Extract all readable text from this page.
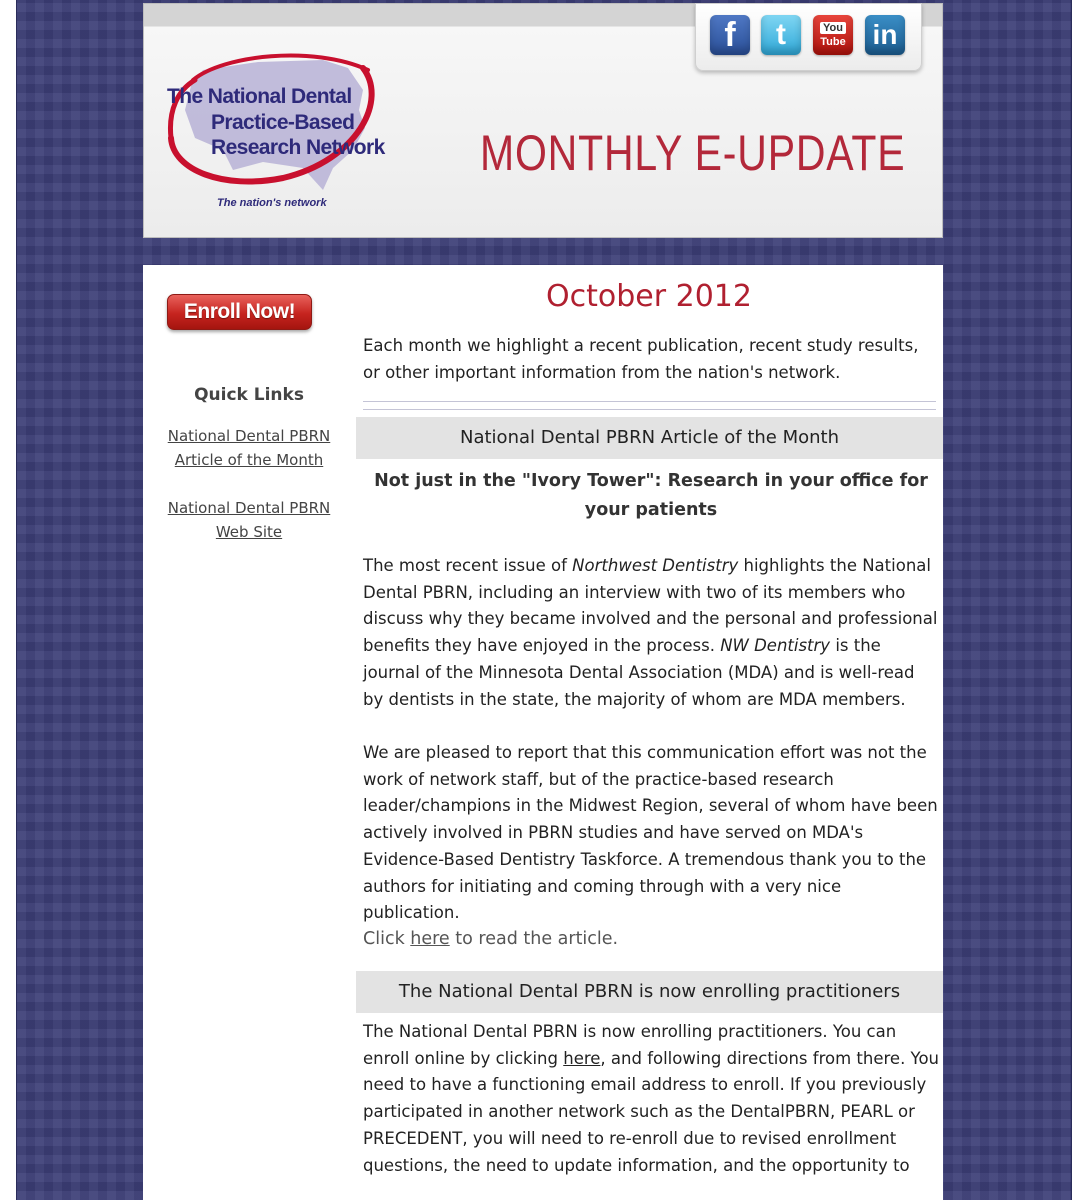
f t	You
Tube in
The National Dental
Practice-Based
Research Network
The nation's network
MONTHLY E-UPDATE
Enroll Now!
Quick Links
National Dental PBRN
Article of the Month
National Dental PBRN
Web Site
October 2012
Each month we highlight a recent publication, recent study results, or other important information from the nation's network.
National Dental PBRN Article of the Month
Not just in the "Ivory Tower": Research in your office for your patients
The most recent issue of Northwest Dentistry highlights the National Dental PBRN, including an interview with two of its members who discuss why they became involved and the personal and professional benefits they have enjoyed in the process. NW Dentistry is the journal of the Minnesota Dental Association (MDA) and is well-read by dentists in the state, the majority of whom are MDA members.
We are pleased to report that this communication effort was not the work of network staff, but of the practice-based research leader/champions in the Midwest Region, several of whom have been actively involved in PBRN studies and have served on MDA's Evidence-Based Dentistry Taskforce. A tremendous thank you to the authors for initiating and coming through with a very nice publication.
Click here to read the article.
The National Dental PBRN is now enrolling practitioners
The National Dental PBRN is now enrolling practitioners. You can enroll online by clicking here, and following directions from there. You need to have a functioning email address to enroll. If you previously participated in another network such as the DentalPBRN, PEARL or PRECEDENT, you will need to re-enroll due to revised enrollment questions, the need to update information, and the opportunity to
